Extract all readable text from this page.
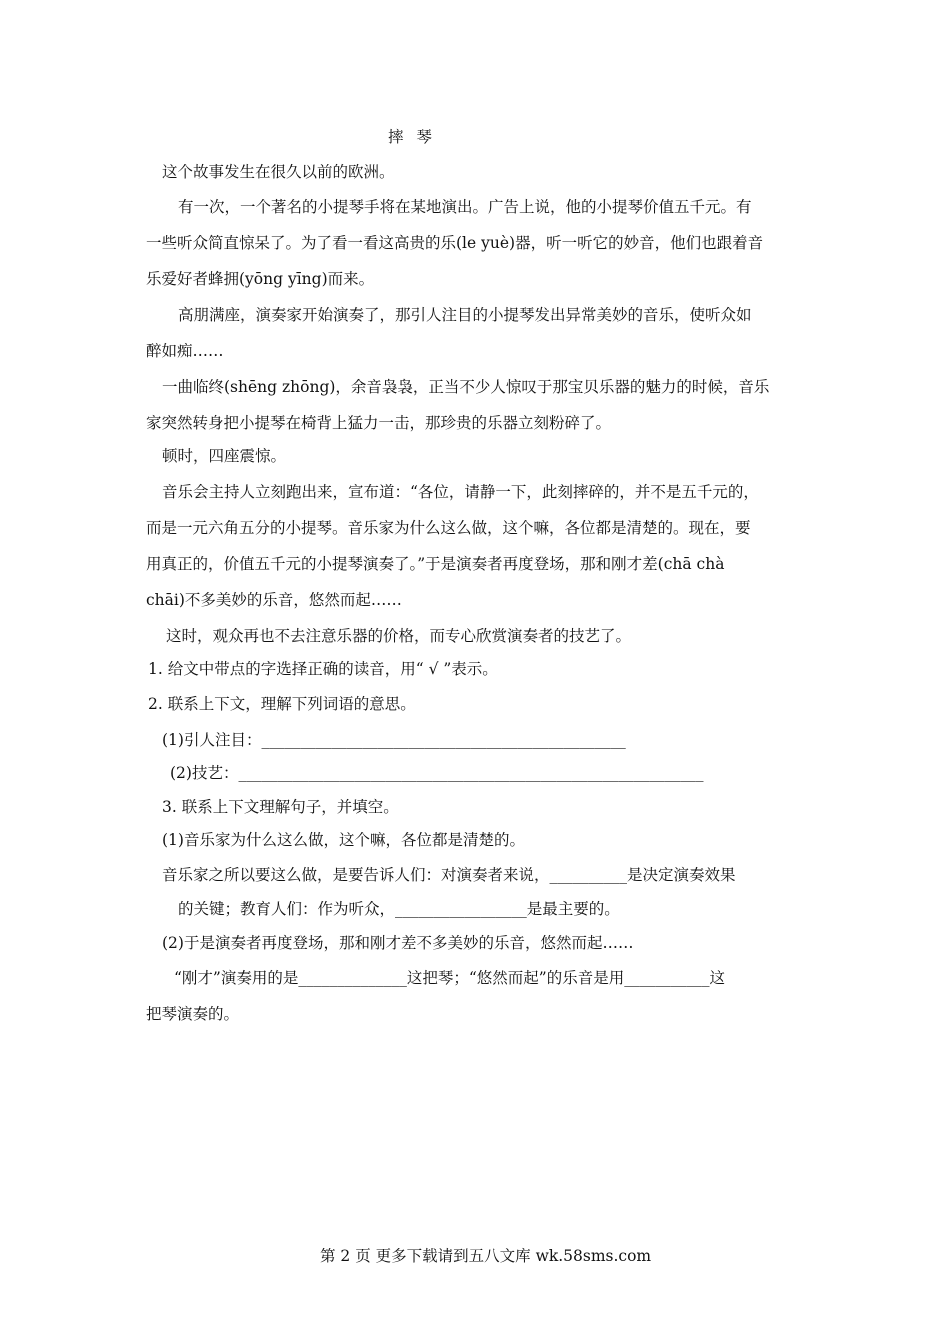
摔 琴
这个故事发生在很久以前的欧洲。
有一次，一个著名的小提琴手将在某地演出。广告上说，他的小提琴价值五千元。有
一些听众简直惊呆了。为了看一看这高贵的乐(le yuè)器，听一听它的妙音，他们也跟着音
乐爱好者蜂拥(yōng yīng)而来。
高朋满座，演奏家开始演奏了，那引人注目的小提琴发出异常美妙的音乐，使听众如
醉如痴……
一曲临终(shēng zhōng)，余音袅袅，正当不少人惊叹于那宝贝乐器的魅力的时候，音乐
家突然转身把小提琴在椅背上猛力一击，那珍贵的乐器立刻粉碎了。
顿时，四座震惊。
音乐会主持人立刻跑出来，宣布道：“各位，请静一下，此刻摔碎的，并不是五千元的，
而是一元六角五分的小提琴。音乐家为什么这么做，这个嘛，各位都是清楚的。现在，要
用真正的，价值五千元的小提琴演奏了。”于是演奏者再度登场，那和刚才差(chā chà
chāi)不多美妙的乐音，悠然而起……
这时，观众再也不去注意乐器的价格，而专心欣赏演奏者的技艺了。
1. 给文中带点的字选择正确的读音，用“ √ ”表示。
2. 联系上下文，理解下列词语的意思。
(1)引人注目：_______________________________________________
(2)技艺：____________________________________________________________
3. 联系上下文理解句子，并填空。
(1)音乐家为什么这么做，这个嘛，各位都是清楚的。
音乐家之所以要这么做，是要告诉人们：对演奏者来说，__________是决定演奏效果
的关键；教育人们：作为听众，_________________是最主要的。
(2)于是演奏者再度登场，那和刚才差不多美妙的乐音，悠然而起……
“刚才”演奏用的是______________这把琴；“悠然而起”的乐音是用___________这
把琴演奏的。
第 2 页 更多下载请到五八文库 wk.58sms.com
